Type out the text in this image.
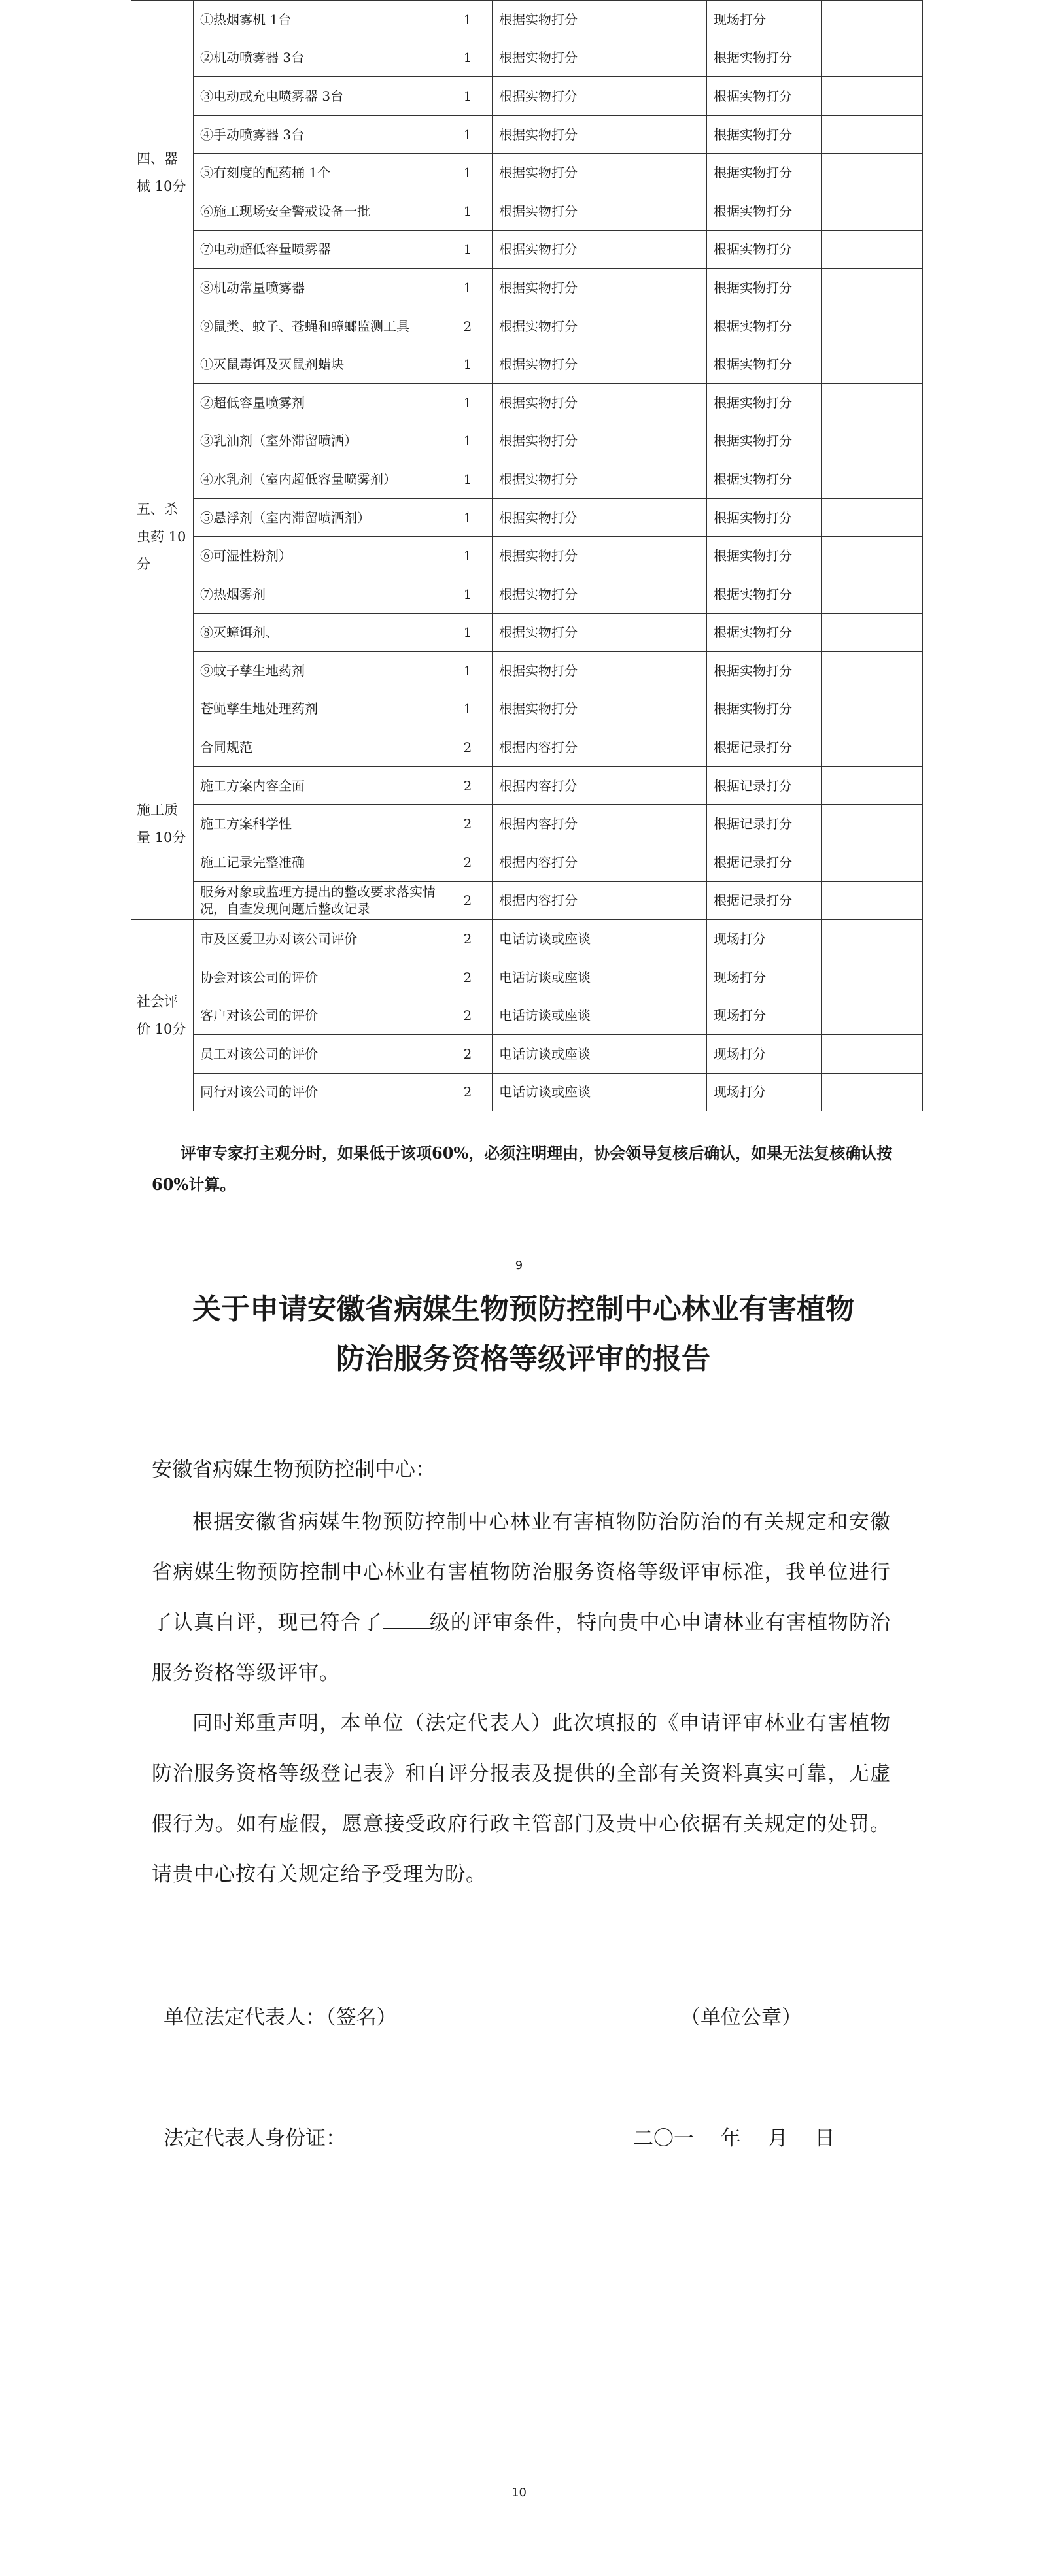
四、器械 10分	①热烟雾机 1台	1	根据实物打分	现场打分	
	②机动喷雾器 3台	1	根据实物打分	根据实物打分	
	③电动或充电喷雾器 3台	1	根据实物打分	根据实物打分	
	④手动喷雾器 3台	1	根据实物打分	根据实物打分	
	⑤有刻度的配药桶 1个	1	根据实物打分	根据实物打分	
	⑥施工现场安全警戒设备一批	1	根据实物打分	根据实物打分	
	⑦电动超低容量喷雾器	1	根据实物打分	根据实物打分	
	⑧机动常量喷雾器	1	根据实物打分	根据实物打分	
	⑨鼠类、蚊子、苍蝇和蟑螂监测工具	2	根据实物打分	根据实物打分	
五、杀虫药 10分	①灭鼠毒饵及灭鼠剂蜡块	1	根据实物打分	根据实物打分	
	②超低容量喷雾剂	1	根据实物打分	根据实物打分	
	③乳油剂（室外滞留喷洒）	1	根据实物打分	根据实物打分	
	④水乳剂（室内超低容量喷雾剂）	1	根据实物打分	根据实物打分	
	⑤悬浮剂（室内滞留喷洒剂）	1	根据实物打分	根据实物打分	
	⑥可湿性粉剂）	1	根据实物打分	根据实物打分	
	⑦热烟雾剂	1	根据实物打分	根据实物打分	
	⑧灭蟑饵剂、	1	根据实物打分	根据实物打分	
	⑨蚊子孳生地药剂	1	根据实物打分	根据实物打分	
	苍蝇孳生地处理药剂	1	根据实物打分	根据实物打分	
施工质量 10分	合同规范	2	根据内容打分	根据记录打分	
	施工方案内容全面	2	根据内容打分	根据记录打分	
	施工方案科学性	2	根据内容打分	根据记录打分	
	施工记录完整准确	2	根据内容打分	根据记录打分	
	服务对象或监理方提出的整改要求落实情况，自查发现问题后整改记录	2	根据内容打分	根据记录打分	
社会评价 10分	市及区爱卫办对该公司评价	2	电话访谈或座谈	现场打分	
	协会对该公司的评价	2	电话访谈或座谈	现场打分	
	客户对该公司的评价	2	电话访谈或座谈	现场打分	
	员工对该公司的评价	2	电话访谈或座谈	现场打分	
	同行对该公司的评价	2	电话访谈或座谈	现场打分	
评审专家打主观分时，如果低于该项60%，必须注明理由，协会领导复核后确认，如果无法复核确认按60%计算。
9
关于申请安徽省病媒生物预防控制中心林业有害植物
防治服务资格等级评审的报告
安徽省病媒生物预防控制中心：
根据安徽省病媒生物预防控制中心林业有害植物防治防治的有关规定和安徽省病媒生物预防控制中心林业有害植物防治服务资格等级评审标准，我单位进行了认真自评，现已符合了 级的评审条件，特向贵中心申请林业有害植物防治服务资格等级评审。
同时郑重声明，本单位（法定代表人）此次填报的《申请评审林业有害植物防治服务资格等级登记表》和自评分报表及提供的全部有关资料真实可靠，无虚假行为。如有虚假，愿意接受政府行政主管部门及贵中心依据有关规定的处罚。请贵中心按有关规定给予受理为盼。
单位法定代表人：（签名）	（单位公章）
法定代表人身份证：	二〇一　 年　 月　 日
10
